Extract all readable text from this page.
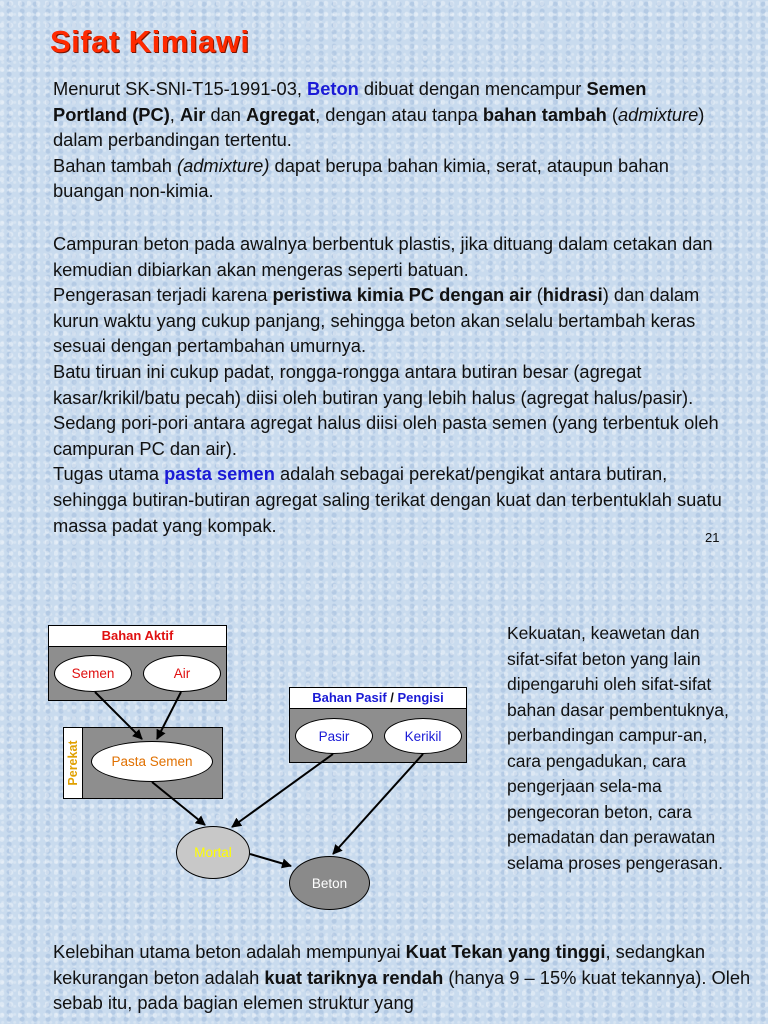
Sifat Kimiawi
Menurut SK-SNI-T15-1991-03, Beton dibuat dengan mencampur Semen Portland (PC), Air dan Agregat, dengan atau tanpa bahan tambah (admixture) dalam perbandingan tertentu.
Bahan tambah (admixture) dapat berupa bahan kimia, serat, ataupun bahan buangan non-kimia.
Campuran beton pada awalnya berbentuk plastis, jika dituang dalam cetakan dan kemudian dibiarkan akan mengeras seperti batuan.
Pengerasan terjadi karena peristiwa kimia PC dengan air (hidrasi) dan dalam kurun waktu yang cukup panjang, sehingga beton akan selalu bertambah keras sesuai dengan pertambahan umurnya.
Batu tiruan ini cukup padat, rongga-rongga antara butiran besar (agregat kasar/krikil/batu pecah) diisi oleh butiran yang lebih halus (agregat halus/pasir). Sedang pori-pori antara agregat halus diisi oleh pasta semen (yang terbentuk oleh campuran PC dan air).
Tugas utama pasta semen adalah sebagai perekat/pengikat antara butiran, sehingga butiran-butiran agregat saling terikat dengan kuat dan terbentuklah suatu massa padat yang kompak.
21
Bahan Aktif
Semen	Air
Bahan Pasif / Pengisi
Pasir	Kerikil
Perekat	Pasta Semen
Mortal
Beton
Kekuatan, keawetan dan sifat-sifat beton yang lain dipengaruhi oleh sifat-sifat bahan dasar pembentuknya, perbandingan campur-an, cara pengadukan, cara pengerjaan sela-ma pengecoran beton, cara pemadatan dan perawatan selama proses pengerasan.
Kelebihan utama beton adalah mempunyai Kuat Tekan yang tinggi, sedangkan kekurangan beton adalah kuat tariknya rendah (hanya 9 – 15% kuat tekannya). Oleh sebab itu, pada bagian elemen struktur yang
